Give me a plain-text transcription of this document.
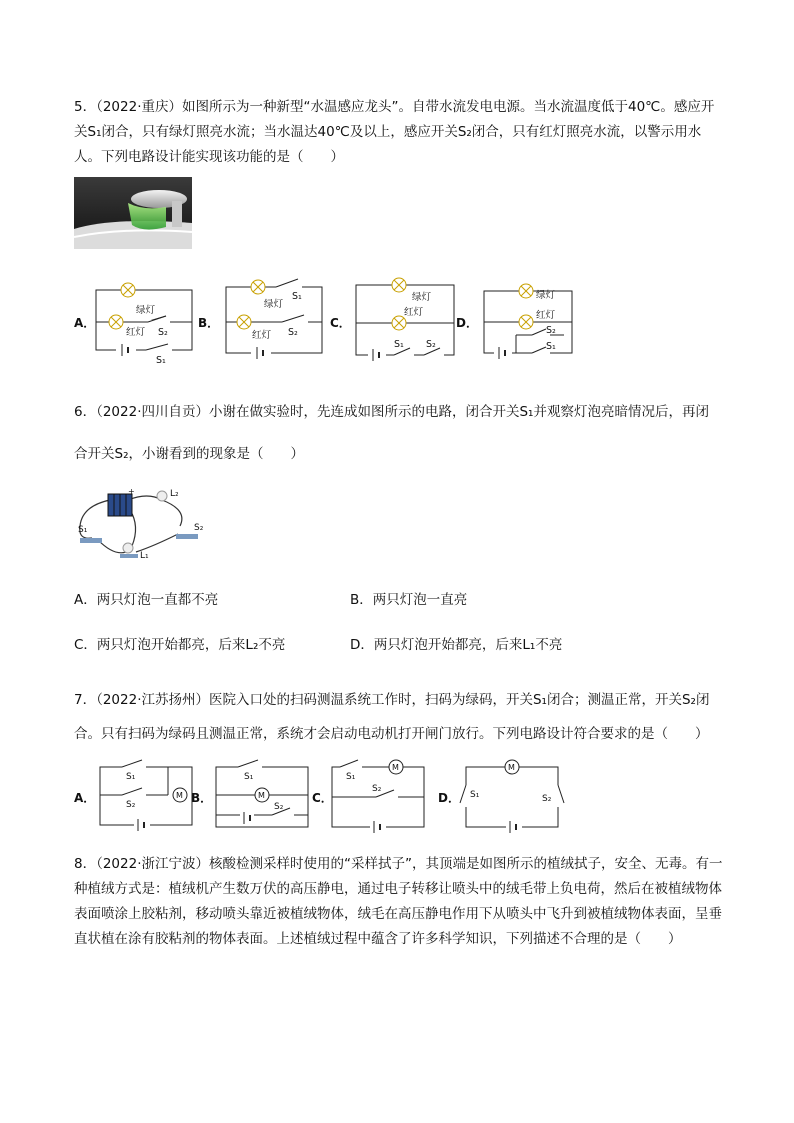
5．（2022·重庆）如图所示为一种新型“水温感应龙头”。自带水流发电电源。当水流温度低于40℃。感应开关S₁闭合，只有绿灯照亮水流；当水温达40℃及以上，感应开关S₂闭合，只有红灯照亮水流，以警示用水人。下列电路设计能实现该功能的是（　　）

A．	B．	C．	D．
绿灯
红灯 S₂
S₁
绿灯
S₁
红灯 S₂
绿灯
红灯
S₁ S₂
绿灯
红灯
S₂
S₁

6．（2022·四川自贡）小谢在做实验时，先连成如图所示的电路，闭合开关S₁并观察灯泡亮暗情况后，再闭

合开关S₂，小谢看到的现象是（　　）

+	L₂
L₁
S₁	S₂
A．两只灯泡一直都不亮	B．两只灯泡一直亮
C．两只灯泡开始都亮，后来L₂不亮	D．两只灯泡开始都亮，后来L₁不亮

7．（2022·江苏扬州）医院入口处的扫码测温系统工作时，扫码为绿码，开关S₁闭合；测温正常，开关S₂闭

合。只有扫码为绿码且测温正常，系统才会启动电动机打开闸门放行。下列电路设计符合要求的是（　　）

A．	B．	C．	D．
S₁
S₂
M
S₁
M
S₂
S₁
M
S₂
M
S₁	S₂

8．（2022·浙江宁波）核酸检测采样时使用的“采样拭子”，其顶端是如图所示的植绒拭子，安全、无毒。有一种植绒方式是：植绒机产生数万伏的高压静电，通过电子转移让喷头中的绒毛带上负电荷，然后在被植绒物体表面喷涂上胶粘剂，移动喷头靠近被植绒物体，绒毛在高压静电作用下从喷头中飞升到被植绒物体表面，呈垂直状植在涂有胶粘剂的物体表面。上述植绒过程中蕴含了许多科学知识，下列描述不合理的是（　　）
